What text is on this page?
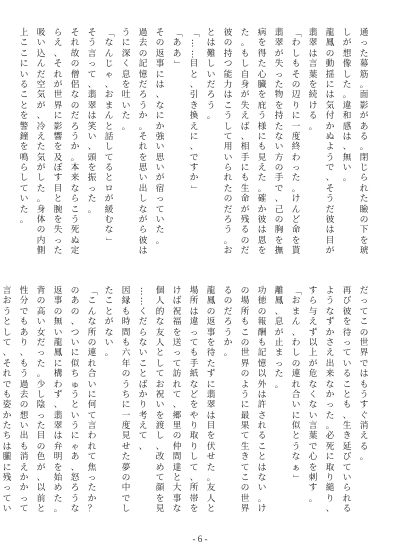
通
っ
た
幕
筋
。
面
影
が
あ
る
。
閉
じ
ら
れ
た
瞼
の
下
を
琥
し
が
想
像
し
た
。
違
和
感
は
、
無
い
。
龍
鳳
の
動
揺
に
は
気
付
か
ぬ
よ
う
で
、
そ
う
だ
彼
は
目
が
翡
翠
は
言
葉
を
続
け
る
。
「
わ
し
も
そ
の
辺
り
に
一
度
終
わ
っ
た
。
け
ん
ど
命
を
貰
翡
翠
が
失
っ
た
物
を
持
た
な
い
方
の
手
で
、
己
の
胸
を
撫
病
を
得
た
心
臓
を
庇
う
様
に
も
見
え
た
。
確
か
彼
は
恩
を
た
。
も
し
自
身
が
失
え
ば
、
相
手
に
も
生
命
が
残
る
の
だ
彼
の
持
つ
能
力
は
こ
う
し
て
用
い
ら
れ
た
の
だ
ろ
う
。
お
と
は
難
し
い
だ
ろ
う
。
「
…
…
目
と
、
引
き
換
え
に
、
で
す
か
」
「
あ
あ
」
そ
の
返
事
に
は
、
な
に
か
強
い
思
い
が
宿
っ
て
い
た
。
過
去
の
記
憶
だ
ろ
う
か
。
そ
れ
を
思
い
出
し
な
が
ら
彼
は
う
に
深
く
息
を
吐
い
た
。
「
な
ん
じ
ゃ
、
お
ま
ん
と
話
し
て
る
と
ロ
が
緩
む
な
」
そ
う
言
っ
て
、
翡
翠
は
笑
い
、
頭
を
振
っ
た
。
そ
れ
故
の
僧
侶
な
の
だ
ろ
う
か
。
本
来
な
ら
こ
う
死
ぬ
定
ら
え
、
そ
れ
が
世
界
に
影
響
を
及
ぼ
す
目
と
腕
を
失
っ
た
吸
い
込
ん
だ
空
気
が
、
冷
え
た
気
が
し
た
。
身
体
の
内
側
上
こ
こ
に
い
る
こ
と
を
警
鐘
を
鳴
ら
し
て
い
た
。
だ
っ
て
こ
の
世
界
で
は
も
う
す
ぐ
消
え
る
。
再
び
彼
を
待
っ
て
い
る
こ
と
も
、
生
き
延
び
て
い
ら
れ
る
よ
う
な
ず
か
さ
え
出
来
な
か
っ
た
。
必
死
に
取
り
縋
り
、
す
ら
与
え
ず
以
上
が
危
な
く
な
い
言
葉
で
心
を
刺
す
。
「
お
ま
ん
、
わ
し
の
連
れ
合
い
に
似
と
う
な
ぁ
」
離
鳳
、
息
が
止
ま
っ
た
。
功
徳
の
報
酬
も
記
憶
以
外
は
許
さ
れ
る
こ
と
は
な
い
。
け
の
場
所
も
こ
の
世
界
の
よ
う
に
最
果
て
生
き
て
こ
の
世
界
る
の
だ
ろ
う
か
。
龍
鳳
の
返
事
を
待
た
ず
に
翡
翠
は
目
を
伏
せ
た
。
友
人
と
場
所
は
違
っ
て
も
手
紙
な
ど
を
や
り
取
り
し
て
、
所
帯
を
け
ば
祝
福
を
送
っ
て
訪
れ
て
、
郷
里
の
仲
間
達
と
大
事
な
個
人
的
な
友
人
と
し
て
お
祝
い
を
渡
し
、
改
め
て
顔
を
見
…
…
く
だ
ら
な
い
こ
と
ば
か
り
考
え
て
、
因
縁
も
時
間
も
六
年
の
う
ち
に
一
度
見
せ
た
夢
の
中
で
し
た
こ
と
が
な
い
。
「
こ
ん
な
所
の
連
れ
合
い
に
何
て
言
わ
れ
て
焦
っ
た
か
？
の
あ
の
、
つ
い
に
似
ち
ゅ
う
と
い
う
に
ゃ
あ
、
怒
ろ
う
な
返
事
の
無
い
龍
鳳
に
構
わ
ず
、
翡
翠
は
弁
明
を
始
め
た
。
背
の
高
い
女
だ
っ
た
。
少
し
陰
っ
た
目
の
色
が
、
以
前
と
性
分
で
も
あ
り
、
も
う
過
去
の
想
い
出
も
消
え
か
か
っ
て
言
お
う
と
し
て
、
そ
れ
で
も
姿
か
た
ち
は
朧
に
残
っ
て
い
- 6 -
